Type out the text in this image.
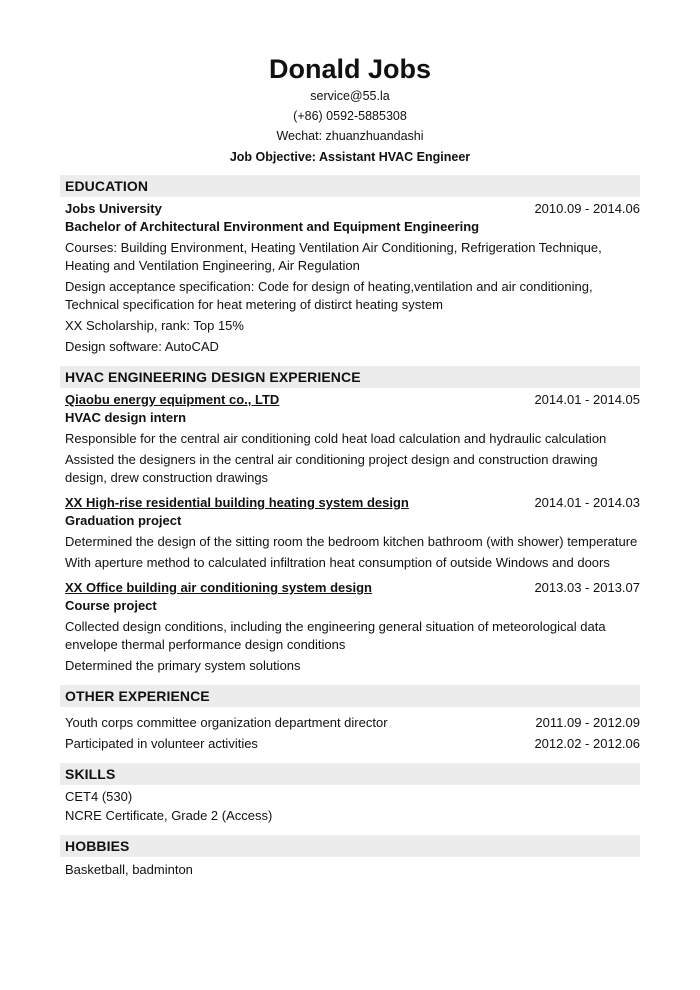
Donald Jobs
service@55.la
(+86) 0592-5885308
Wechat: zhuanzhuandashi
Job Objective: Assistant HVAC Engineer
EDUCATION
Jobs University	2010.09 - 2014.06
Bachelor of Architectural Environment and Equipment Engineering
Courses: Building Environment, Heating Ventilation Air Conditioning, Refrigeration Technique, Heating and Ventilation Engineering, Air Regulation
Design acceptance specification: Code for design of heating,ventilation and air conditioning, Technical specification for heat metering of distirct heating system
XX Scholarship, rank: Top 15%
Design software: AutoCAD
HVAC ENGINEERING DESIGN EXPERIENCE
Qiaobu energy equipment co., LTD	2014.01 - 2014.05
HVAC design intern
Responsible for the central air conditioning cold heat load calculation and hydraulic calculation
Assisted the designers in the central air conditioning project design and construction drawing design, drew construction drawings
XX High-rise residential building heating system design	2014.01 - 2014.03
Graduation project
Determined the design of the sitting room the bedroom kitchen bathroom (with shower) temperature
With aperture method to calculated infiltration heat consumption of outside Windows and doors
XX Office building air conditioning system design	2013.03 - 2013.07
Course project
Collected design conditions, including the engineering general situation of meteorological data envelope thermal performance design conditions
Determined the primary system solutions
OTHER EXPERIENCE
Youth corps committee organization department director	2011.09 - 2012.09
Participated in volunteer activities	2012.02 - 2012.06
SKILLS
CET4 (530)
NCRE Certificate, Grade 2 (Access)
HOBBIES
Basketball, badminton
